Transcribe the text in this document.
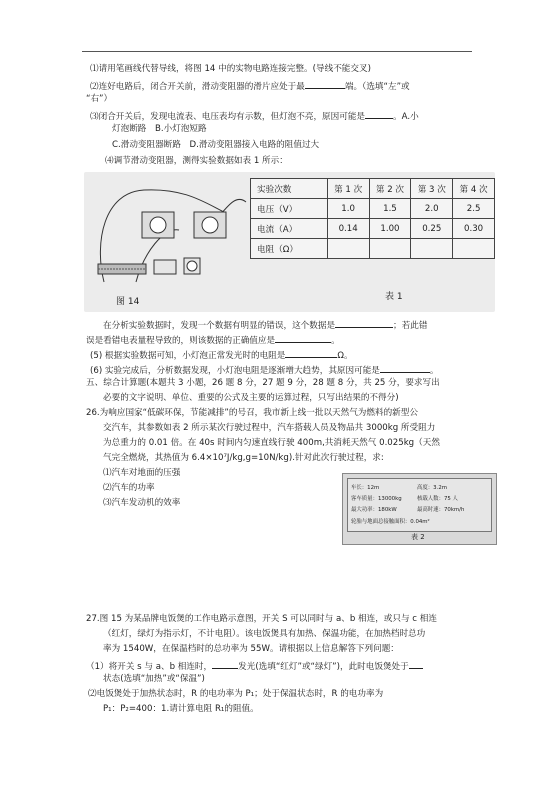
⑴请用笔画线代替导线，将图 14 中的实物电路连接完整。(导线不能交叉)
⑵连好电路后，闭合开关前，滑动变阻器的滑片应处于最	端。（选填“左”或
“右”）
⑶闭合开关后，发现电流表、电压表均有示数，但灯泡不亮，原因可能是	。A.小
灯泡断路　B.小灯泡短路
C.滑动变阻器断路　D.滑动变阻器接入电路的阻值过大
⑷调节滑动变阻器，测得实验数据如表 1 所示：
图 14
实验次数	第 1 次	第 2 次	第 3 次	第 4 次
电压（V）	1.0	1.5	2.0	2.5
电流（A）	0.14	1.00	0.25	0.30
电阻（Ω）				
表 1
在分析实验数据时，发现一个数据有明显的错误，这个数据是	；若此错
误是看错电表量程导致的，则该数据的正确值应是	。
(5) 根据实验数据可知，小灯泡正常发光时的电阻是	Ω。
(6) 实验完成后，分析数据发现，小灯泡电阻是逐渐增大趋势，其原因可能是	。
五、综合计算题(本题共 3 小题，26 题 8 分，27 题 9 分，28 题 8 分，共 25 分，要求写出
必要的文字说明、单位、重要的公式及主要的运算过程，只写出结果的不得分)
26.为响应国家“低碳环保，节能减排”的号召，我市新上线一批以天然气为燃料的新型公
交汽车，其参数如表 2 所示某次行驶过程中，汽车搭载人员及物品共 3000kg 所受阻力
为总重力的 0.01 倍。在 40s 时间内匀速直线行驶 400m,共消耗天然气 0.025kg（天然
气完全燃烧，其热值为 6.4×10⁷J/kg,g=10N/kg).针对此次行驶过程，求:
⑴汽车对地面的压强
⑵汽车的功率
⑶汽车发动机的效率
车长：12m	高度：3.2m
客车质量：13000kg	核载人数：75 人
最大功率：180kW	最高时速：70km/h
轮胎与地面总接触面积：0.04m²
表 2
27.图 15 为某品牌电饭煲的工作电路示意图，开关 S 可以同时与 a、b 相连，或只与 c 相连
（红灯，绿灯为指示灯，不计电阻）。该电饭煲具有加热、保温功能，在加热档时总功
率为 1540W，在保温档时的总功率为 55W。请根据以上信息解答下列问题：
（1）将开关 s 与 a、b 相连时，	发光(选填“红灯”或“绿灯”)，此时电饭煲处于
状态(选填“加热”或“保温”)
⑵电饭煲处于加热状态时，R 的电功率为 P₁；处于保温状态时，R 的电功率为
P₁：P₂=400：1.请计算电阻 R₁的阻值。
